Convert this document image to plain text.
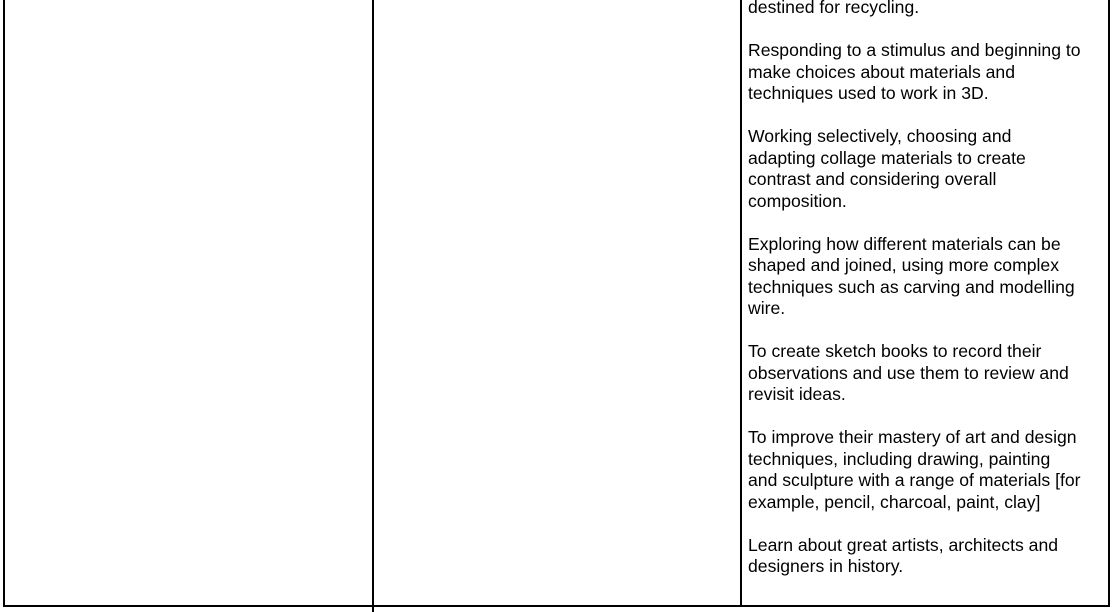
destined for recycling.

Responding to a stimulus and beginning to
make choices about materials and
techniques used to work in 3D.

Working selectively, choosing and
adapting collage materials to create
contrast and considering overall
composition.

Exploring how different materials can be
shaped and joined, using more complex
techniques such as carving and modelling
wire.

To create sketch books to record their
observations and use them to review and
revisit ideas.

To improve their mastery of art and design
techniques, including drawing, painting
and sculpture with a range of materials [for
example, pencil, charcoal, paint, clay]

Learn about great artists, architects and
designers in history.
